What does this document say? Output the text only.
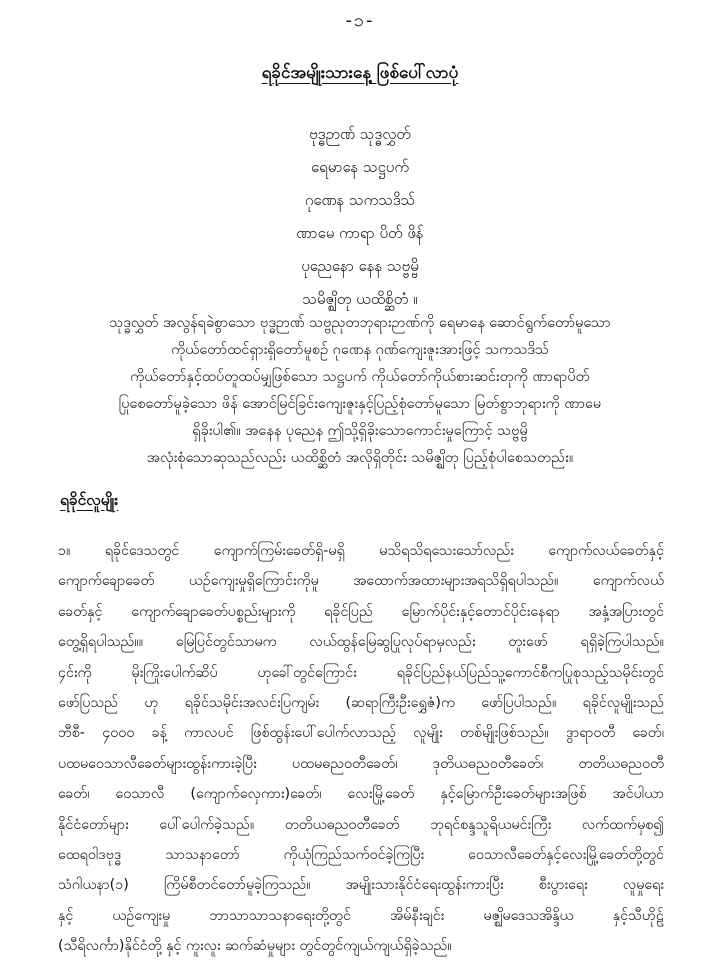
-၁-
ရခိုင်အမျိုးသားနေ့ ဖြစ်ပေါ်လာပုံ
ဗုဒ္ဓဉာဏ် သုဒ္ဓလွှတ်
ရေမာနေ သဋ္ဌပက်
ဂုဏေန သကသဒိသ်
ဏာမေ ကာရာ ပိတ် ဖိန်
ပုညေနော နေန သဗ္ဗမ္ဗိ
သမိဇ္ဈိတု ယထိစ္ဆိတံ ။
သုဒ္ဓလွှတ် အလွန်ရခဲစွာသော ဗုဒ္ဓဉာဏ် သဗ္ဗညုတဘုရားဉာဏ်ကို ရေမာနေ ဆောင်ရွက်တော်မူသော
ကိုယ်တော်ထင်ရှားရှိတော်မူစဉ် ဂုဏေန ဂုဏ်ကျေးဇူးအားဖြင့် သကသဒိသ်
ကိုယ်တော်နှင့်ထပ်တူထပ်မျှဖြစ်သော သဋ္ဌပက် ကိုယ်တော်ကိုယ်စားဆင်းတုကို ဏာရာပိတ်
ပြုစေတော်မူခဲ့သော ဖိန် အောင်မြင်ခြင်းကျေးဇူးနှင့်ပြည့်စုံတော်မူသော မြတ်စွာဘုရားကို ဏာမေ
ရှိခိုးပါ၏။ အနေန ပုညေန ဤသို့ရှိခိုးသောကောင်းမှုကြောင့် သဗ္ဗမ္ဗိ
အလုံးစုံသောဆုသည်လည်း ယထိစ္ဆိတံ အလိုရှိတိုင်း သမိဇ္ဈိတု ပြည့်စုံပါစေသတည်း။
ရခိုင်လူမျိုး
၁။ ရခိုင်ဒေသတွင် ကျောက်ကြမ်းခေတ်ရှိ-မရှိ မသိရသိရသေးသော်လည်း ကျောက်လယ်ခေတ်နှင့်
ကျောက်ချောခေတ် ယဉ်ကျေးမှုရှိကြောင်းကိုမူ အထောက်အထားများအရသိရှိရပါသည်။ ကျောက်လယ်
ခေတ်နှင့် ကျောက်ချောခေတ်ပစ္စည်းများကို ရခိုင်ပြည် မြောက်ပိုင်းနှင့်တောင်ပိုင်းနေရာ အနှံ့အပြားတွင်
တွေ့ရှိရပါသည်။။ မြေပြင်တွင်သာမက လယ်ထွန်မြေဆွပြုလုပ်ရာမှလည်း တူးဖော် ရရှိခဲ့ကြပါသည်။
၄င်းကို မိုးကြိုးပေါက်ဆိပ် ဟုခေါ်တွင်ကြောင်း ရခိုင်ပြည်နယ်ပြည်သူ့ကောင်စီကပြုစုသည့်သမိုင်းတွင်
ဖော်ပြသည် ဟု ရခိုင်သမိုင်းအလင်းပြကျမ်း (ဆရာကြီးဦးရွှေဇံ)က ဖော်ပြပါသည်။ ရခိုင်လူမျိုးသည်
ဘီစီ- ၄၀၀၀ ခန့် ကာလပင် ဖြစ်ထွန်းပေါ်ပေါက်လာသည့် လူမျိုး တစ်မျိုးဖြစ်သည်။ ဒွာရာဝတီ ခေတ်၊
ပထမဝေသာလီခေတ်များထွန်းကားခဲ့ပြီး ပထမဓညဝတီခေတ်၊ ဒုတိယဓညဝတီခေတ်၊ တတိယဓညဝတီ
ခေတ်၊ ဝေသာလီ (ကျောက်လှေကား)ခေတ်၊ လေးမြို့ခေတ် နှင့်မြောက်ဦးခေတ်များအဖြစ် အင်ပါယာ
နိုင်ငံတော်များ ပေါ်ပေါက်ခဲ့သည်။ တတိယဓညဝတီခေတ် ဘုရင်စန္ဒသူရိယမင်းကြီး လက်ထက်မှစ၍
ထေရဝါဒဗုဒ္ဓ သာသနာတော် ကိုယုံကြည်သက်ဝင်ခဲ့ကြပြီး ဝေသာလီခေတ်နှင့်လေးမြို့ခေတ်တို့တွင်
သံဂါယနာ(၁) ကြိမ်စီတင်တော်မူခဲ့ကြသည်။ အမျိုးသားနိုင်ငံရေးထွန်းကားပြီး စီးပွားရေး လူမှုရေး
နှင့် ယဉ်ကျေးမှု ဘာသာသာသနာရေးတို့တွင် အိမ်နီးချင်း မဇ္ဈိမဒေသအိန္ဒိယ နှင့်သီဟိုဠ်
(သီရိလင်္ကာ)နိုင်ငံတို့ နှင့် ကူးလူး ဆက်ဆံမှုများ တွင်တွင်ကျယ်ကျယ်ရှိခဲ့သည်။
